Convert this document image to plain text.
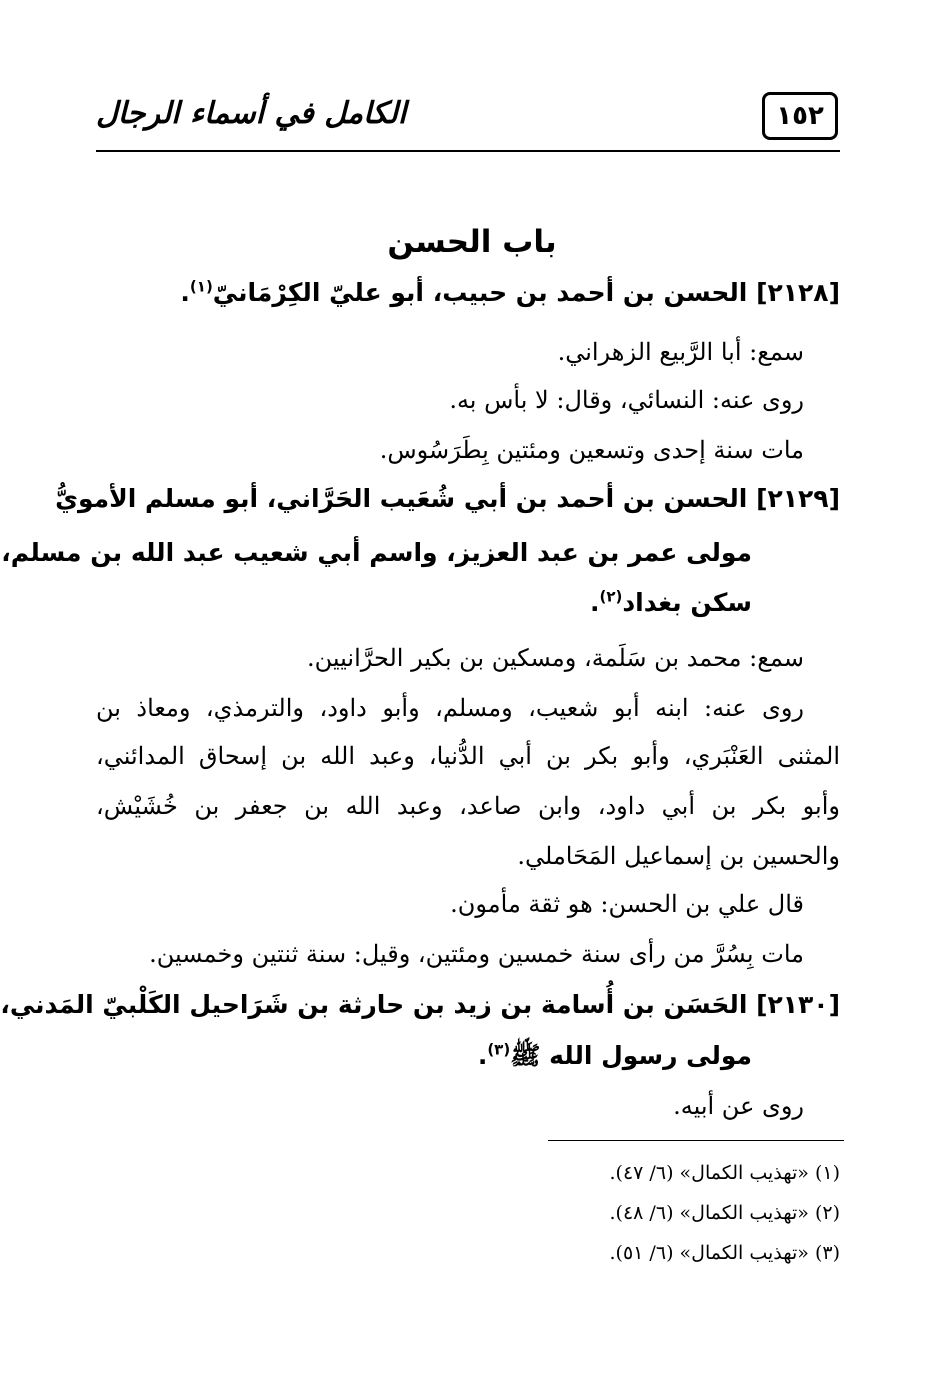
١٥٢
الكامل في أسماء الرجال
باب الحسن
[٢١٢٨] الحسن بن أحمد بن حبيب، أبو عليّ الكِرْمَانيّ$^{(١)}$.
سمع: أبا الرَّبيع الزهراني.
روى عنه: النسائي، وقال: لا بأس به.
مات سنة إحدى وتسعين ومئتين بِطَرَسُوس.
[٢١٢٩] الحسن بن أحمد بن أبي شُعَيب الحَرَّاني، أبو مسلم الأمويُّ
مولى عمر بن عبد العزيز، واسم أبي شعيب عبد الله بن مسلم،
سكن بغداد$^{(٢)}$.
سمع: محمد بن سَلَمة، ومسكين بن بكير الحرَّانيين.
روى عنه: ابنه أبو شعيب، ومسلم، وأبو داود، والترمذي، ومعاذ بن
المثنى العَنْبَري، وأبو بكر بن أبي الدُّنيا، وعبد الله بن إسحاق المدائني،
وأبو بكر بن أبي داود، وابن صاعد، وعبد الله بن جعفر بن خُشَيْش،
والحسين بن إسماعيل المَحَاملي.
قال علي بن الحسن: هو ثقة مأمون.
مات بِسُرَّ من رأى سنة خمسين ومئتين، وقيل: سنة ثنتين وخمسين.
[٢١٣٠] الحَسَن بن أُسامة بن زيد بن حارثة بن شَرَاحيل الكَلْبيّ المَدني،
مولى رسول الله ﷺ$^{(٣)}$.
روى عن أبيه.
(١) «تهذيب الكمال» (٦/ ٤٧).
(٢) «تهذيب الكمال» (٦/ ٤٨).
(٣) «تهذيب الكمال» (٦/ ٥١).
